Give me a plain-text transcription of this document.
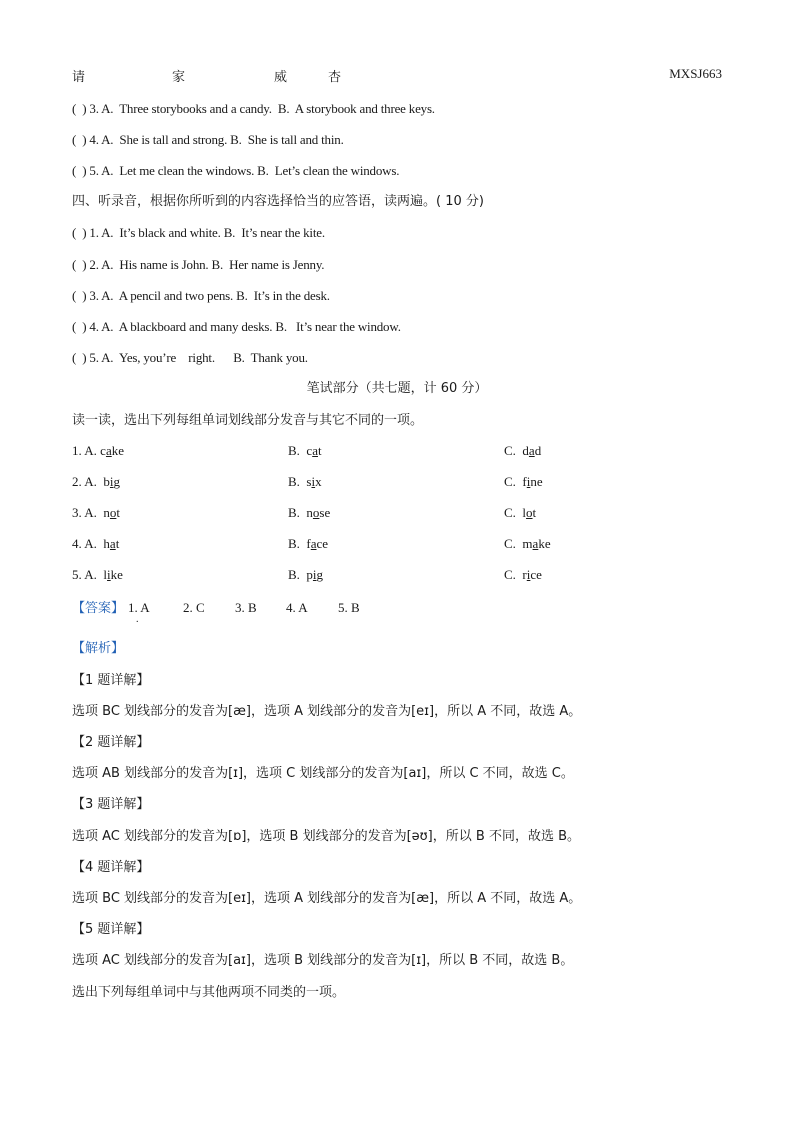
请	家	威	杏	MXSJ663
(  ) 3. A.  Three storybooks and a candy.  B.  A storybook and three keys.
(  ) 4. A.  She is tall and strong. B.  She is tall and thin.
(  ) 5. A.  Let me clean the windows. B.  Let’s clean the windows.
四、听录音，根据你所听到的内容选择恰当的应答语，读两遍。( 10 分)
(  ) 1. A.  It’s black and white. B.  It’s near the kite.
(  ) 2. A.  His name is John. B.  Her name is Jenny.
(  ) 3. A.  A pencil and two pens. B.  It’s in the desk.
(  ) 4. A.  A blackboard and many desks. B.   It’s near the window.
(  ) 5. A.  Yes, you’re    right.      B.  Thank you.
笔试部分（共七题，计 60 分）
读一读，选出下列每组单词划线部分发音与其它不同的一项。
1. A. cake	B.  cat	C.  dad
2. A.  big	B.  six	C.  fine
3. A.  not	B.  nose	C.  lot
4. A.  hat	B.  face	C.  make
5. A.  like	B.  pig	C.  rice
【答案】 1. A
.
2. C 3. B 4. A 5. B
【解析】
【1 题详解】
选项 BC 划线部分的发音为[æ]，选项 A 划线部分的发音为[eɪ]，所以 A 不同，故选 A。
【2 题详解】
选项 AB 划线部分的发音为[ɪ]，选项 C 划线部分的发音为[aɪ]，所以 C 不同，故选 C。
【3 题详解】
选项 AC 划线部分的发音为[ɒ]，选项 B 划线部分的发音为[əʊ]，所以 B 不同，故选 B。
【4 题详解】
选项 BC 划线部分的发音为[eɪ]，选项 A 划线部分的发音为[æ]，所以 A 不同，故选 A。
【5 题详解】
选项 AC 划线部分的发音为[aɪ]，选项 B 划线部分的发音为[ɪ]，所以 B 不同，故选 B。
选出下列每组单词中与其他两项不同类的一项。
